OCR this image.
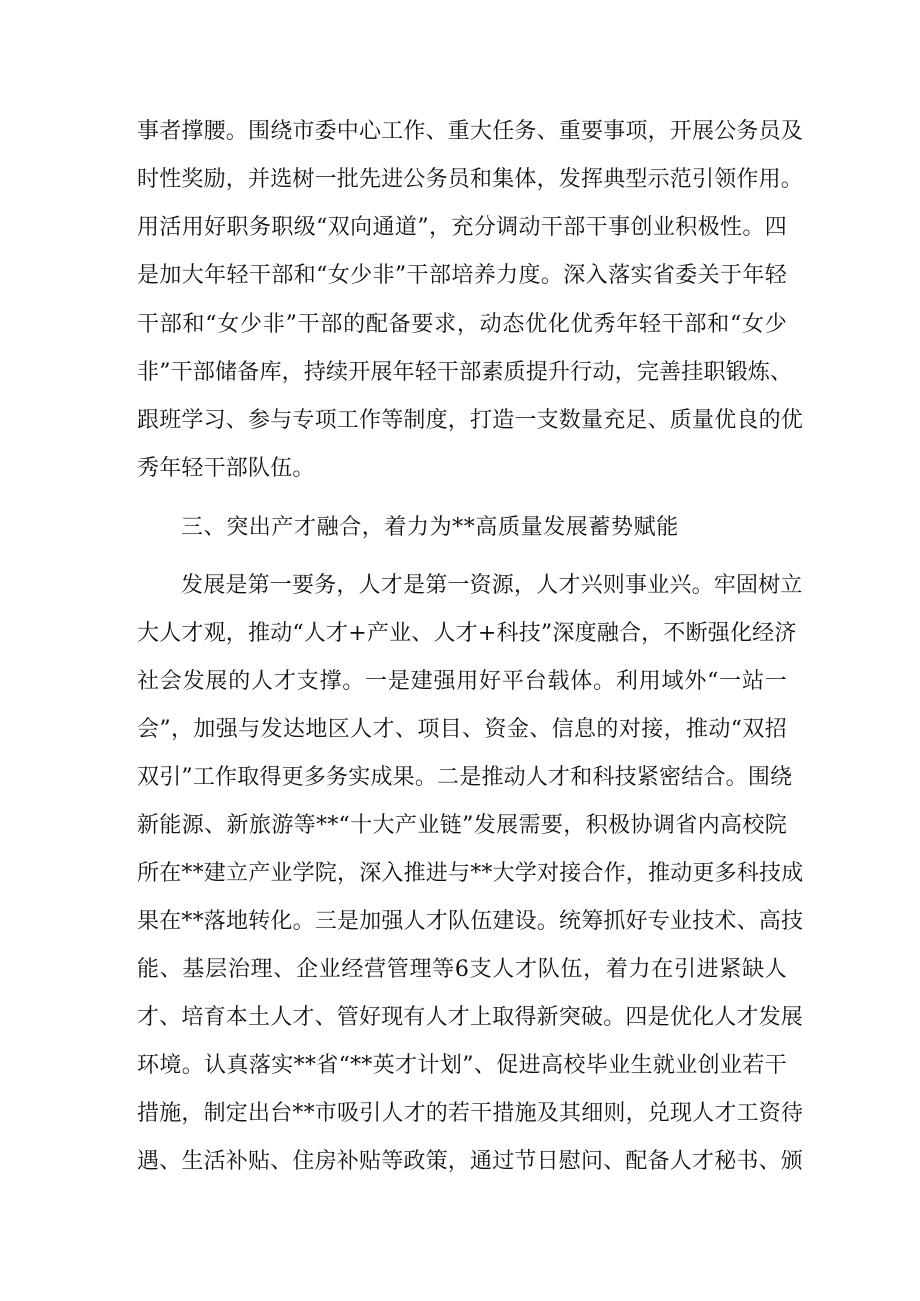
事者撑腰。围绕市委中心工作、重大任务、重要事项，开展公务员及
时性奖励，并选树一批先进公务员和集体，发挥典型示范引领作用。
用活用好职务职级“双向通道”，充分调动干部干事创业积极性。四
是加大年轻干部和“女少非”干部培养力度。深入落实省委关于年轻
干部和“女少非”干部的配备要求，动态优化优秀年轻干部和“女少
非”干部储备库，持续开展年轻干部素质提升行动，完善挂职锻炼、
跟班学习、参与专项工作等制度，打造一支数量充足、质量优良的优
秀年轻干部队伍。
三、突出产才融合，着力为**高质量发展蓄势赋能
发展是第一要务，人才是第一资源，人才兴则事业兴。牢固树立
大人才观，推动“人才+产业、人才+科技”深度融合，不断强化经济
社会发展的人才支撑。一是建强用好平台载体。利用域外“一站一
会”，加强与发达地区人才、项目、资金、信息的对接，推动“双招
双引”工作取得更多务实成果。二是推动人才和科技紧密结合。围绕
新能源、新旅游等**“十大产业链”发展需要，积极协调省内高校院
所在**建立产业学院，深入推进与**大学对接合作，推动更多科技成
果在**落地转化。三是加强人才队伍建设。统筹抓好专业技术、高技
能、基层治理、企业经营管理等6支人才队伍，着力在引进紧缺人
才、培育本土人才、管好现有人才上取得新突破。四是优化人才发展
环境。认真落实**省“**英才计划”、促进高校毕业生就业创业若干
措施，制定出台**市吸引人才的若干措施及其细则，兑现人才工资待
遇、生活补贴、住房补贴等政策，通过节日慰问、配备人才秘书、颁
